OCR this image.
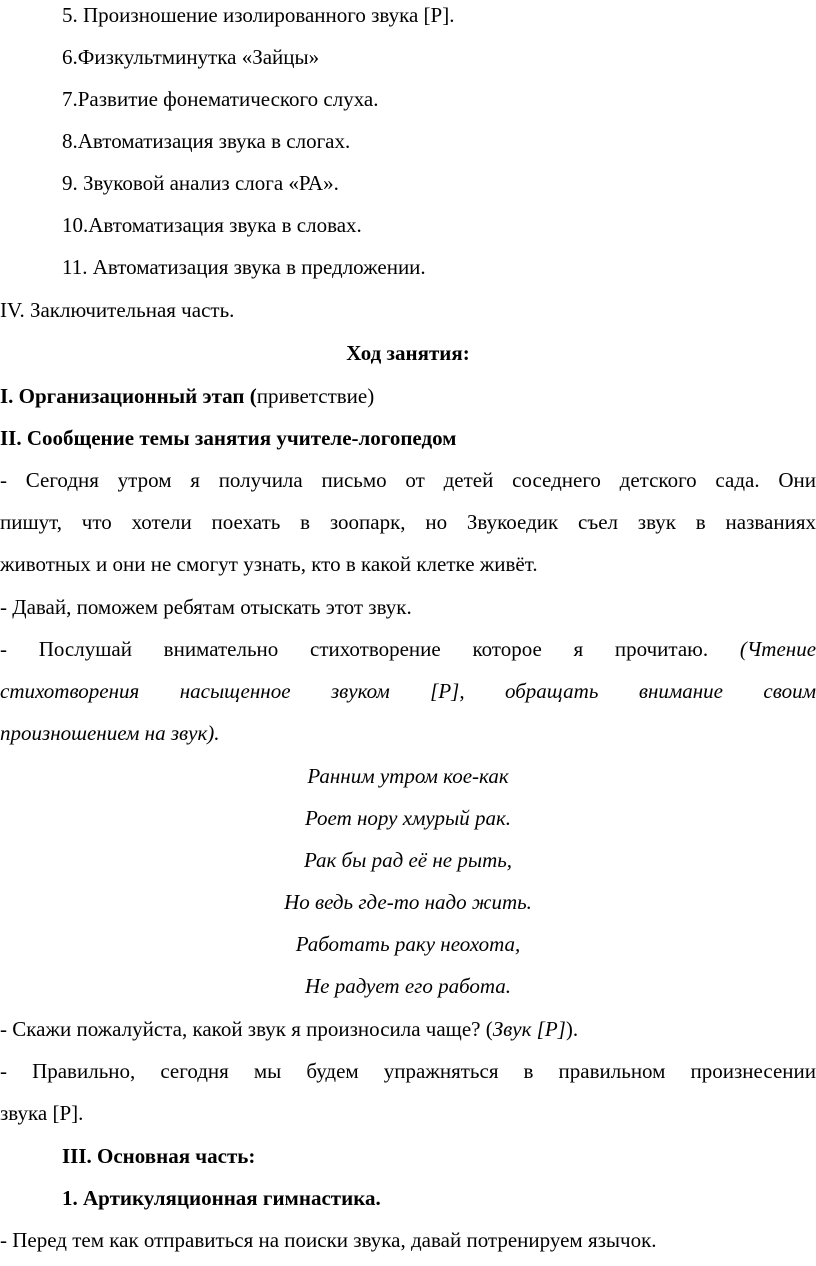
5. Произношение изолированного звука [Р].
6.Физкультминутка «Зайцы»
7.Развитие фонематического слуха.
8.Автоматизация звука в слогах.
9. Звуковой анализ слога «РА».
10.Автоматизация звука в словах.
11. Автоматизация звука в предложении.
IV. Заключительная часть.
Ход занятия:
I. Организационный этап (приветствие)
II. Сообщение темы занятия учителе-логопедом
- Сегодня утром я получила письмо от детей соседнего детского сада. Они
пишут, что хотели поехать в зоопарк, но Звукоедик съел звук в названиях
животных и они не смогут узнать, кто в какой клетке живёт.
- Давай, поможем ребятам отыскать этот звук.
- Послушай внимательно стихотворение которое я прочитаю. (Чтение
стихотворения насыщенное звуком [Р], обращать внимание своим
произношением на звук).
Ранним утром кое-как
Роет нору хмурый рак.
Рак бы рад её не рыть,
Но ведь где-то надо жить.
Работать раку неохота,
Не радует его работа.
- Скажи пожалуйста, какой звук я произносила чаще? (Звук [Р]).
- Правильно, сегодня мы будем упражняться в правильном произнесении
звука [Р].
III. Основная часть:
1. Артикуляционная гимнастика.
- Перед тем как отправиться на поиски звука, давай потренируем язычок.
